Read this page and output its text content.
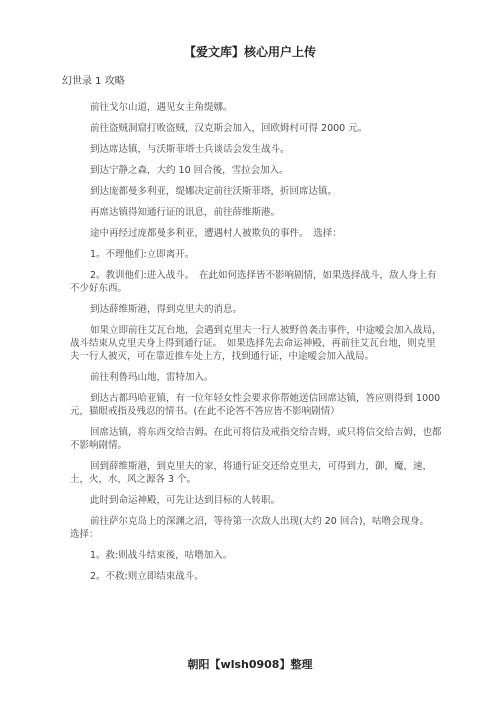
【爱文库】核心用户上传
幻世录 1 攻略

前往戈尔山道，遇见女主角缇娜。

前往盗贼洞窟打败盗贼，汉克斯会加入，回欧姆村可得 2000 元。

到达席达镇，与沃斯菲塔士兵谈话会发生战斗。

到达宁静之森，大约 10 回合後，雪拉会加入。

到达庞都曼多利亚，缇娜决定前往沃斯菲塔，折回席达镇。

再席达镇得知通行证的讯息，前往薛维斯港。

途中再经过庞都曼多利亚，遭遇村人被欺负的事件。　选择：

1。不理他们:立即离开。

2。教训他们:进入战斗。　在此如何选择皆不影响剧情，如果选择战斗，敌人身上有不少好东西。

到达薛维斯港，得到克里夫的消息。

如果立即前往艾瓦台地，会遇到克里夫一行人被野兽袭击事件，中途嗳会加入战局，战斗结束从克里夫身上得到通行证。　如果选择先去命运神殿，再前往艾瓦台地，则克里夫一行人被灭，可在靠近推车处上方，找到通行证，中途嗳会加入战局。

前往利鲁玛山地，雷特加入。

到达古都玛哈亚镇，有一位年轻女性会要求你帮她送信回席达镇，答应则得到 1000 元，猫眼戒指及残忍的情书。(在此不论答不答应皆不影响剧情）

回席达镇，将东西交给吉姆。在此可将信及戒指交给吉姆，或只将信交给吉姆，也都不影响剧情。

回到薛维斯港，到克里夫的家，将通行证交还给克里夫，可得到力，御，魔，速，土，火，水，风之源各 3 个。

此时到命运神殿，可先让达到目标的人转职。

前往萨尔克岛上的深渊之沼，等待第一次敌人出现(大约 20 回合)，咕噜会现身。　选择：

1。救:则战斗结束後，咕噜加入。

2。不救:则立即结束战斗。

朝阳【wlsh0908】整理
